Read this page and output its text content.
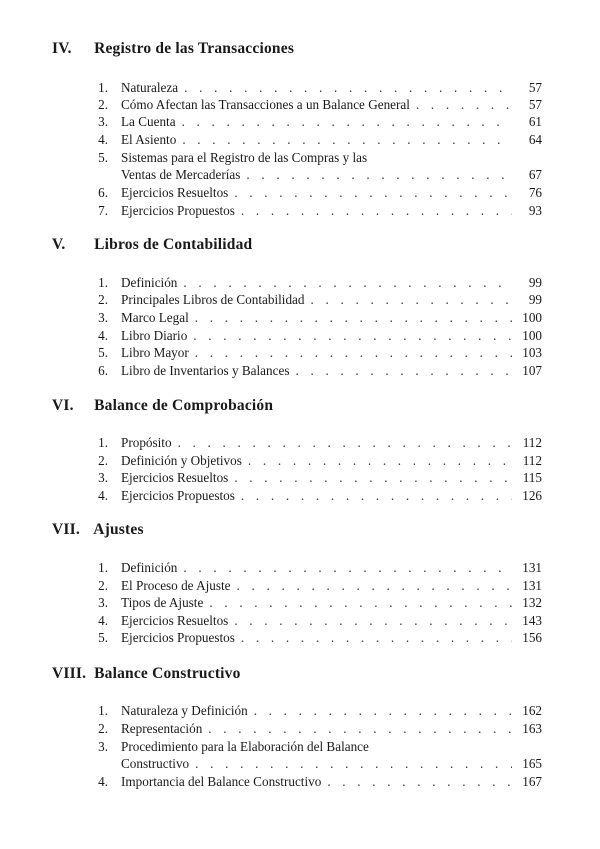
IV. Registro de las Transacciones
1. Naturaleza . . .	57
2. Cómo Afectan las Transacciones a un Balance General . . .	57
3. La Cuenta . . .	61
4. El Asiento . . .	64
5. Sistemas para el Registro de las Compras y las
Ventas de Mercaderías . . .	67
6. Ejercicios Resueltos . . .	76
7. Ejercicios Propuestos . . .	93
V. Libros de Contabilidad
1. Definición . . .	99
2. Principales Libros de Contabilidad . . .	99
3. Marco Legal . . .	100
4. Libro Diario . . .	100
5. Libro Mayor . . .	103
6. Libro de Inventarios y Balances . . .	107
VI. Balance de Comprobación
1. Propósito . . .	112
2. Definición y Objetivos . . .	112
3. Ejercicios Resueltos . . .	115
4. Ejercicios Propuestos . . .	126
VII. Ajustes
1. Definición . . .	131
2. El Proceso de Ajuste . . .	131
3. Tipos de Ajuste . . .	132
4. Ejercicios Resueltos . . .	143
5. Ejercicios Propuestos . . .	156
VIII. Balance Constructivo
1. Naturaleza y Definición . . .	162
2. Representación . . .	163
3. Procedimiento para la Elaboración del Balance
Constructivo . . .	165
4. Importancia del Balance Constructivo . . .	167
